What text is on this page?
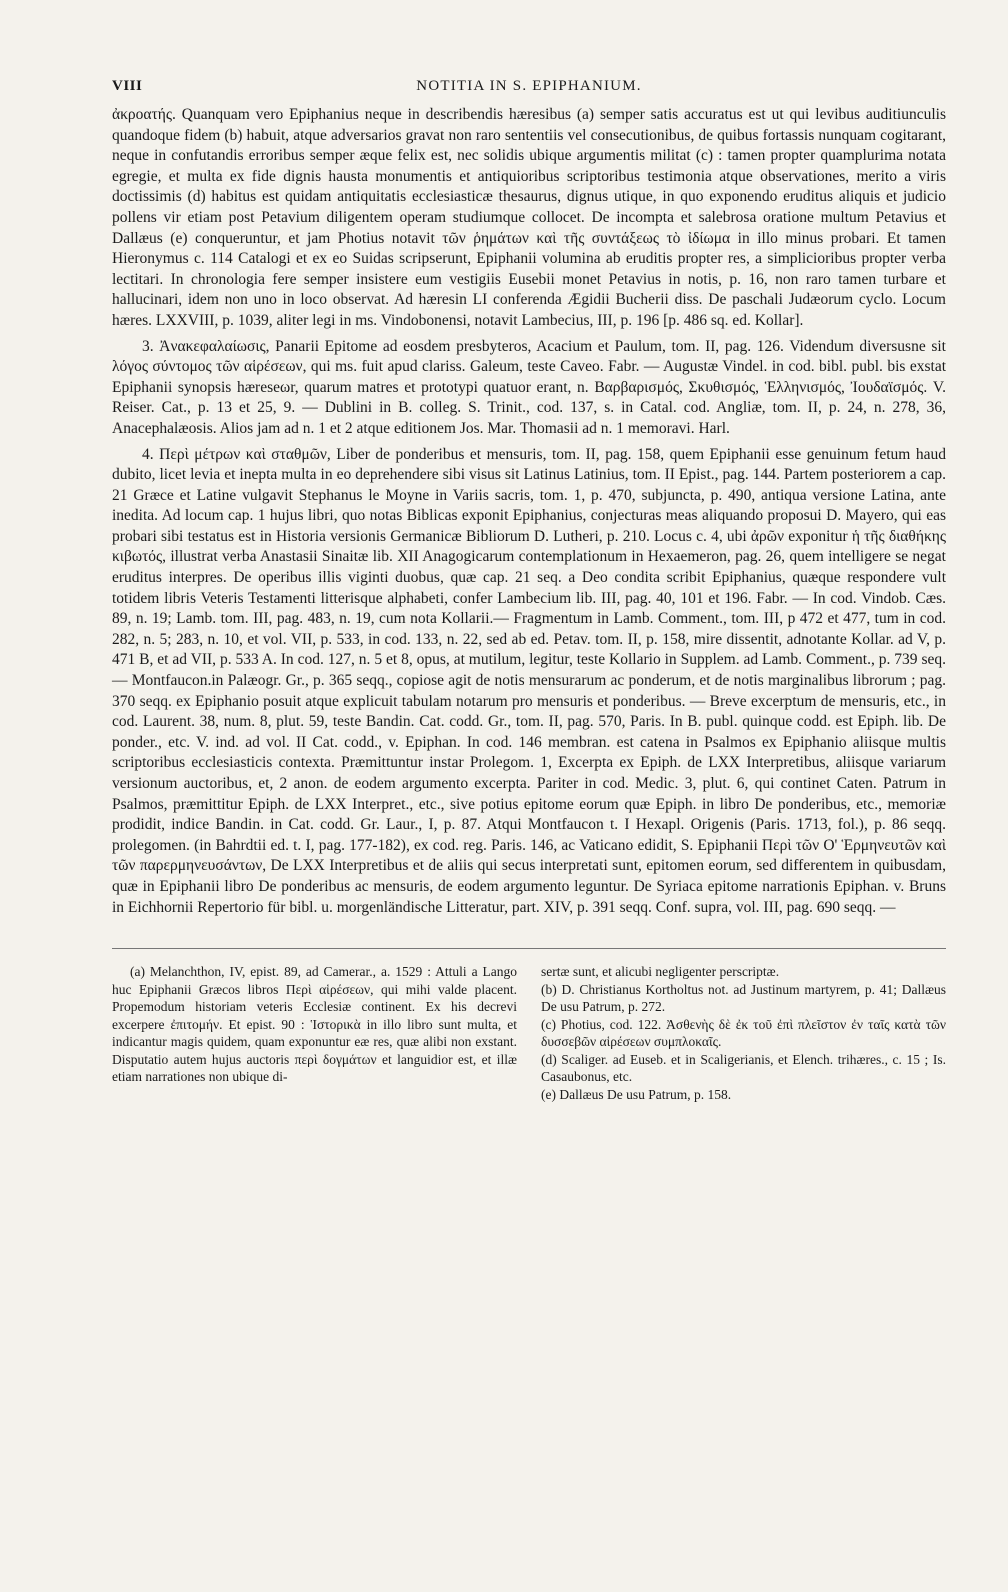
VIII	NOTITIA IN S. EPIPHANIUM.

ἀκροατής. Quanquam vero Epiphanius neque in describendis hæresibus (a) semper satis accuratus est ut qui levibus auditiunculis quandoque fidem (b) habuit, atque adversarios gravat non raro sententiis vel consecutionibus, de quibus fortassis nunquam cogitarant, neque in confutandis erroribus semper æque felix est, nec solidis ubique argumentis militat (c) : tamen propter quamplurima notata egregie, et multa ex fide dignis hausta monumentis et antiquioribus scriptoribus testimonia atque observationes, merito a viris doctissimis (d) habitus est quidam antiquitatis ecclesiasticæ thesaurus, dignus utique, in quo exponendo eruditus aliquis et judicio pollens vir etiam post Petavium diligentem operam studiumque collocet. De incompta et salebrosa oratione multum Petavius et Dallæus (e) conqueruntur, et jam Photius notavit τῶν ῥημάτων καὶ τῆς συντάξεως τὸ ἰδίωμα in illo minus probari. Et tamen Hieronymus c. 114 Catalogi et ex eo Suidas scripserunt, Epiphanii volumina ab eruditis propter res, a simplicioribus propter verba lectitari. In chronologia fere semper insistere eum vestigiis Eusebii monet Petavius in notis, p. 16, non raro tamen turbare et hallucinari, idem non uno in loco observat. Ad hæresin LI conferenda Ægidii Bucherii diss. De paschali Judæorum cyclo. Locum hæres. LXXVIII, p. 1039, aliter legi in ms. Vindobonensi, notavit Lambecius, III, p. 196 [p. 486 sq. ed. Kollar].

3. Ἀνακεφαλαίωσις, Panarii Epitome ad eosdem presbyteros, Acacium et Paulum, tom. II, pag. 126. Videndum diversusne sit λόγος σύντομος τῶν αἱρέσεων, qui ms. fuit apud clariss. Galeum, teste Caveo. Fabr. — Augustæ Vindel. in cod. bibl. publ. bis exstat Epiphanii synopsis hæreseωr, quarum matres et prototypi quatuor erant, n. Βαρβαρισμός, Σκυθισμός, Ἑλληνισμός, Ἰουδαϊσμός. V. Reiser. Cat., p. 13 et 25, 9. — Dublini in B. colleg. S. Trinit., cod. 137, s. in Catal. cod. Angliæ, tom. II, p. 24, n. 278, 36, Anacephalæosis. Alios jam ad n. 1 et 2 atque editionem Jos. Mar. Thomasii ad n. 1 memoravi. Harl.

4. Περὶ μέτρων καὶ σταθμῶν, Liber de ponderibus et mensuris, tom. II, pag. 158, quem Epiphanii esse genuinum fetum haud dubito, licet levia et inepta multa in eo deprehendere sibi visus sit Latinus Latinius, tom. II Epist., pag. 144. Partem posteriorem a cap. 21 Græce et Latine vulgavit Stephanus le Moyne in Variis sacris, tom. 1, p. 470, subjuncta, p. 490, antiqua versione Latina, ante inedita. Ad locum cap. 1 hujus libri, quo notas Biblicas exponit Epiphanius, conjecturas meas aliquando proposui D. Mayero, qui eas probari sibi testatus est in Historia versionis Germanicæ Bibliorum D. Lutheri, p. 210. Locus c. 4, ubi ἀρῶν exponitur ἡ τῆς διαθήκης κιβωτός, illustrat verba Anastasii Sinaitæ lib. XII Anagogicarum contemplationum in Hexaemeron, pag. 26, quem intelligere se negat eruditus interpres. De operibus illis viginti duobus, quæ cap. 21 seq. a Deo condita scribit Epiphanius, quæque respondere vult totidem libris Veteris Testamenti litterisque alphabeti, confer Lambecium lib. III, pag. 40, 101 et 196. Fabr. — In cod. Vindob. Cæs. 89, n. 19; Lamb. tom. III, pag. 483, n. 19, cum nota Kollarii.— Fragmentum in Lamb. Comment., tom. III, p 472 et 477, tum in cod. 282, n. 5; 283, n. 10, et vol. VII, p. 533, in cod. 133, n. 22, sed ab ed. Petav. tom. II, p. 158, mire dissentit, adnotante Kollar. ad V, p. 471 B, et ad VII, p. 533 A. In cod. 127, n. 5 et 8, opus, at mutilum, legitur, teste Kollario in Supplem. ad Lamb. Comment., p. 739 seq. — Montfaucon.in Palæogr. Gr., p. 365 seqq., copiose agit de notis mensurarum ac ponderum, et de notis marginalibus librorum ; pag. 370 seqq. ex Epiphanio posuit atque explicuit tabulam notarum pro mensuris et ponderibus. — Breve excerptum de mensuris, etc., in cod. Laurent. 38, num. 8, plut. 59, teste Bandin. Cat. codd. Gr., tom. II, pag. 570, Paris. In B. publ. quinque codd. est Epiph. lib. De ponder., etc. V. ind. ad vol. II Cat. codd., v. Epiphan. In cod. 146 membran. est catena in Psalmos ex Epiphanio aliisque multis scriptoribus ecclesiasticis contexta. Præmittuntur instar Prolegom. 1, Excerpta ex Epiph. de LXX Interpretibus, aliisque variarum versionum auctoribus, et, 2 anon. de eodem argumento excerpta. Pariter in cod. Medic. 3, plut. 6, qui continet Caten. Patrum in Psalmos, præmittitur Epiph. de LXX Interpret., etc., sive potius epitome eorum quæ Epiph. in libro De ponderibus, etc., memoriæ prodidit, indice Bandin. in Cat. codd. Gr. Laur., I, p. 87. Atqui Montfaucon t. I Hexapl. Origenis (Paris. 1713, fol.), p. 86 seqq. prolegomen. (in Bahrdtii ed. t. I, pag. 177-182), ex cod. reg. Paris. 146, ac Vaticano edidit, S. Epiphanii Περὶ τῶν Ο' Ἑρμηνευτῶν καὶ τῶν παρερμηνευσάντων, De LXX Interpretibus et de aliis qui secus interpretati sunt, epitomen eorum, sed differentem in quibusdam, quæ in Epiphanii libro De ponderibus ac mensuris, de eodem argumento leguntur. De Syriaca epitome narrationis Epiphan. v. Bruns in Eichhornii Repertorio für bibl. u. morgenländische Litteratur, part. XIV, p. 391 seqq. Conf. supra, vol. III, pag. 690 seqq. —

(a) Melanchthon, IV, epist. 89, ad Camerar., a. 1529 : Attuli a Lango huc Epiphanii Græcos libros Περὶ αἱρέσεων, qui mihi valde placent. Propemodum historiam veteris Ecclesiæ continent. Ex his decrevi excerpere ἐπιτομήν. Et epist. 90 : Ἱστορικὰ in illo libro sunt multa, et indicantur magis quidem, quam exponuntur eæ res, quæ alibi non exstant. Disputatio autem hujus auctoris περὶ δογμάτων et languidior est, et illæ etiam narrationes non ubique di-

sertæ sunt, et alicubi negligenter perscriptæ.

(b) D. Christianus Kortholtus not. ad Justinum martyrem, p. 41; Dallæus De usu Patrum, p. 272.

(c) Photius, cod. 122. Ἀσθενὴς δὲ ἐκ τοῦ ἐπὶ πλεῖστον ἐν ταῖς κατὰ τῶν δυσσεβῶν αἱρέσεων συμπλοκαῖς.

(d) Scaliger. ad Euseb. et in Scaligerianis, et Elench. trihæres., c. 15 ; Is. Casaubonus, etc.

(e) Dallæus De usu Patrum, p. 158.
